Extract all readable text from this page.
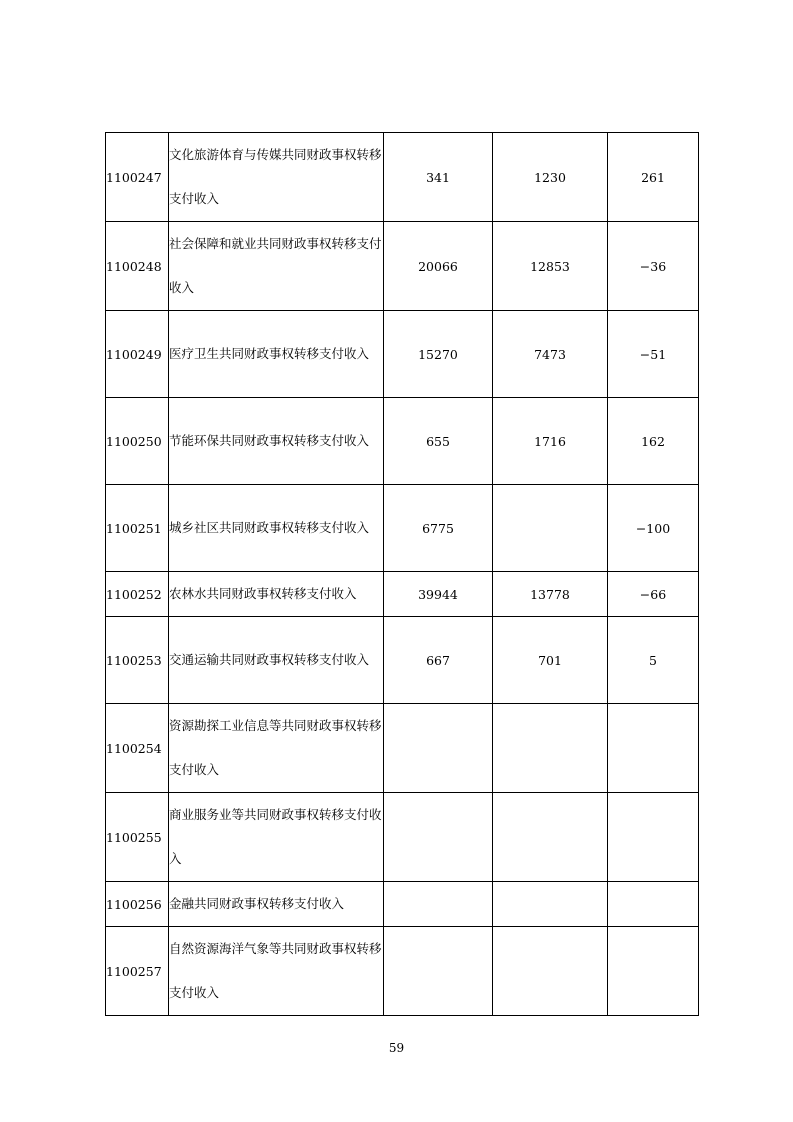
1100247	文化旅游体育与传媒共同财政事权转移支付收入	341	1230	261
1100248	社会保障和就业共同财政事权转移支付收入	20066	12853	−36
1100249	医疗卫生共同财政事权转移支付收入	15270	7473	−51
1100250	节能环保共同财政事权转移支付收入	655	1716	162
1100251	城乡社区共同财政事权转移支付收入	6775		−100
1100252	农林水共同财政事权转移支付收入	39944	13778	−66
1100253	交通运输共同财政事权转移支付收入	667	701	5
1100254	资源勘探工业信息等共同财政事权转移支付收入			
1100255	商业服务业等共同财政事权转移支付收入			
1100256	金融共同财政事权转移支付收入			
1100257	自然资源海洋气象等共同财政事权转移支付收入			
59
